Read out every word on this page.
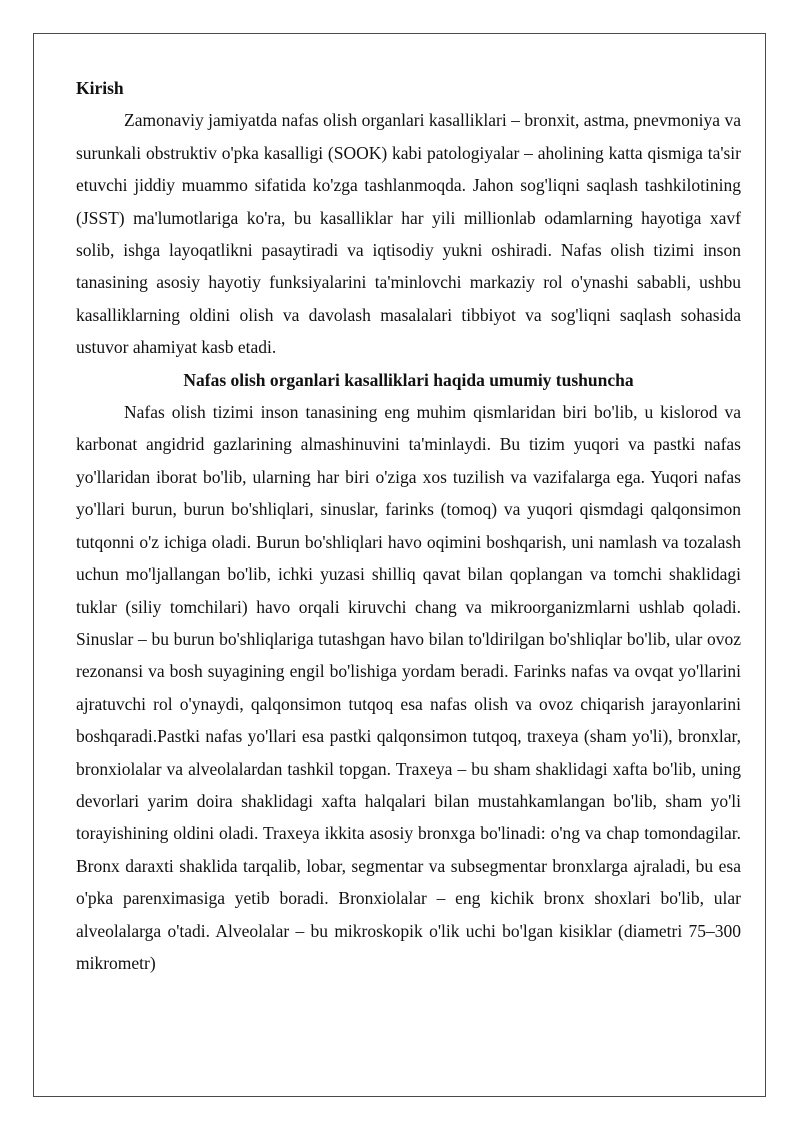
Kirish

Zamonaviy jamiyatda nafas olish organlari kasalliklari – bronxit, astma, pnevmoniya va surunkali obstruktiv o'pka kasalligi (SOOK) kabi patologiyalar – aholining katta qismiga ta'sir etuvchi jiddiy muammo sifatida ko'zga tashlanmoqda. Jahon sog'liqni saqlash tashkilotining (JSST) ma'lumotlariga ko'ra, bu kasalliklar har yili millionlab odamlarning hayotiga xavf solib, ishga layoqatlikni pasaytiradi va iqtisodiy yukni oshiradi. Nafas olish tizimi inson tanasining asosiy hayotiy funksiyalarini ta'minlovchi markaziy rol o'ynashi sababli, ushbu kasalliklarning oldini olish va davolash masalalari tibbiyot va sog'liqni saqlash sohasida ustuvor ahamiyat kasb etadi.

Nafas olish organlari kasalliklari haqida umumiy tushuncha

Nafas olish tizimi inson tanasining eng muhim qismlaridan biri bo'lib, u kislorod va karbonat angidrid gazlarining almashinuvini ta'minlaydi. Bu tizim yuqori va pastki nafas yo'llaridan iborat bo'lib, ularning har biri o'ziga xos tuzilish va vazifalarga ega. Yuqori nafas yo'llari burun, burun bo'shliqlari, sinuslar, farinks (tomoq) va yuqori qismdagi qalqonsimon tutqonni o'z ichiga oladi. Burun bo'shliqlari havo oqimini boshqarish, uni namlash va tozalash uchun mo'ljallangan bo'lib, ichki yuzasi shilliq qavat bilan qoplangan va tomchi shaklidagi tuklar (siliy tomchilari) havo orqali kiruvchi chang va mikroorganizmlarni ushlab qoladi. Sinuslar – bu burun bo'shliqlariga tutashgan havo bilan to'ldirilgan bo'shliqlar bo'lib, ular ovoz rezonansi va bosh suyagining engil bo'lishiga yordam beradi. Farinks nafas va ovqat yo'llarini ajratuvchi rol o'ynaydi, qalqonsimon tutqoq esa nafas olish va ovoz chiqarish jarayonlarini boshqaradi.Pastki nafas yo'llari esa pastki qalqonsimon tutqoq, traxeya (sham yo'li), bronxlar, bronxiolalar va alveolalardan tashkil topgan. Traxeya – bu sham shaklidagi xafta bo'lib, uning devorlari yarim doira shaklidagi xafta halqalari bilan mustahkamlangan bo'lib, sham yo'li torayishining oldini oladi. Traxeya ikkita asosiy bronxga bo'linadi: o'ng va chap tomondagilar. Bronx daraxti shaklida tarqalib, lobar, segmentar va subsegmentar bronxlarga ajraladi, bu esa o'pka parenximasiga yetib boradi. Bronxiolalar – eng kichik bronx shoxlari bo'lib, ular alveolalarga o'tadi. Alveolalar – bu mikroskopik o'lik uchi bo'lgan kisiklar (diametri 75–300 mikrometr)
